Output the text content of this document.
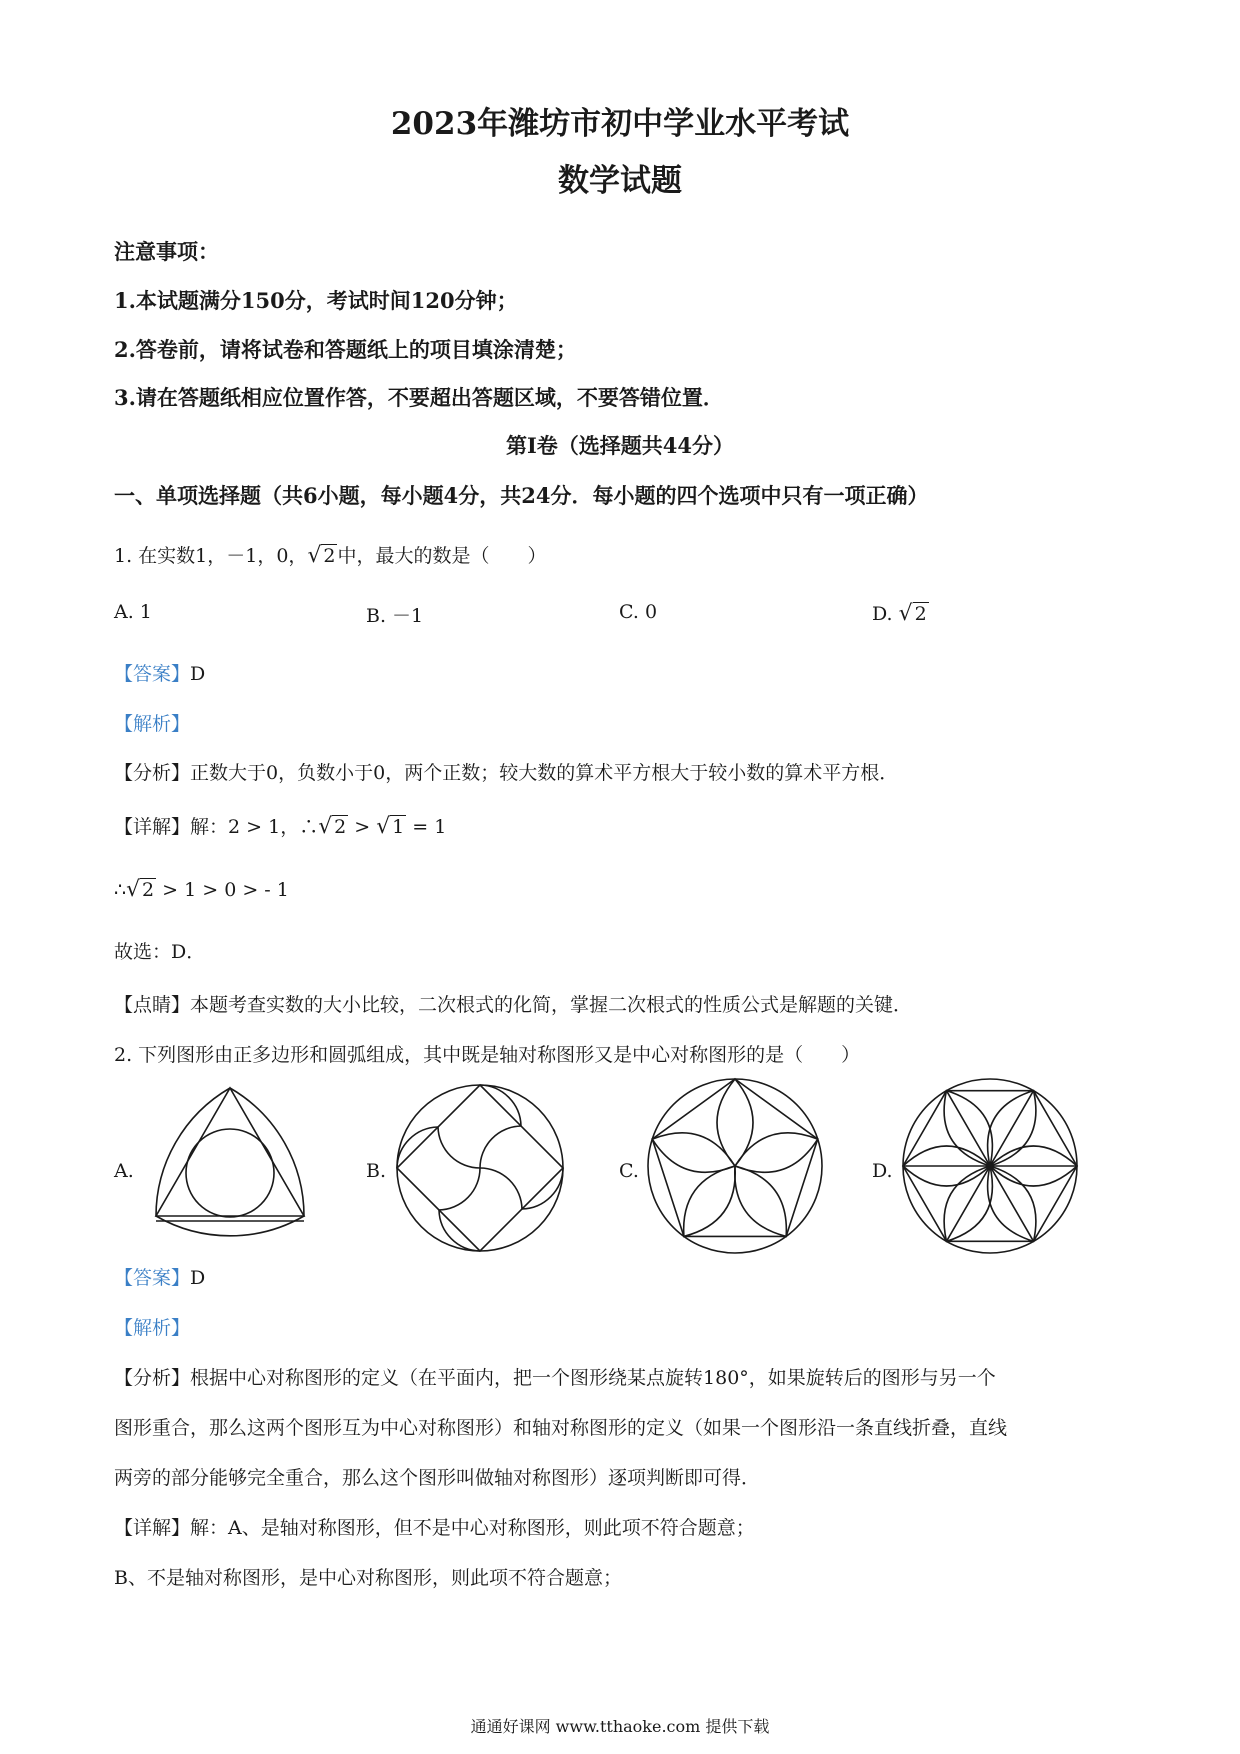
2023年潍坊市初中学业水平考试
数学试题
注意事项：
1.本试题满分150分，考试时间120分钟；
2.答卷前，请将试卷和答题纸上的项目填涂清楚；
3.请在答题纸相应位置作答，不要超出答题区域，不要答错位置．
第I卷（选择题共44分）
一、单项选择题（共6小题，每小题4分，共24分．每小题的四个选项中只有一项正确）
1. 在实数1，－1，0，√ 2 中，最大的数是（　　）
A. 1	B. －1	C. 0	D. √ 2
【答案】D
【解析】
【分析】正数大于0，负数小于0，两个正数；较大数的算术平方根大于较小数的算术平方根．
【详解】解：2 > 1，∴√ 2 > √ 1 = 1
∴√ 2 > 1 > 0 > - 1
故选：D．
【点睛】本题考查实数的大小比较，二次根式的化简，掌握二次根式的性质公式是解题的关键．
2. 下列图形由正多边形和圆弧组成，其中既是轴对称图形又是中心对称图形的是（　　）
A.	B.	C.	D.
【答案】D
【解析】
【分析】根据中心对称图形的定义（在平面内，把一个图形绕某点旋转180°，如果旋转后的图形与另一个
图形重合，那么这两个图形互为中心对称图形）和轴对称图形的定义（如果一个图形沿一条直线折叠，直线
两旁的部分能够完全重合，那么这个图形叫做轴对称图形）逐项判断即可得．
【详解】解：A、是轴对称图形，但不是中心对称图形，则此项不符合题意；
B、不是轴对称图形，是中心对称图形，则此项不符合题意；
通通好课网 www.tthaoke.com 提供下载
